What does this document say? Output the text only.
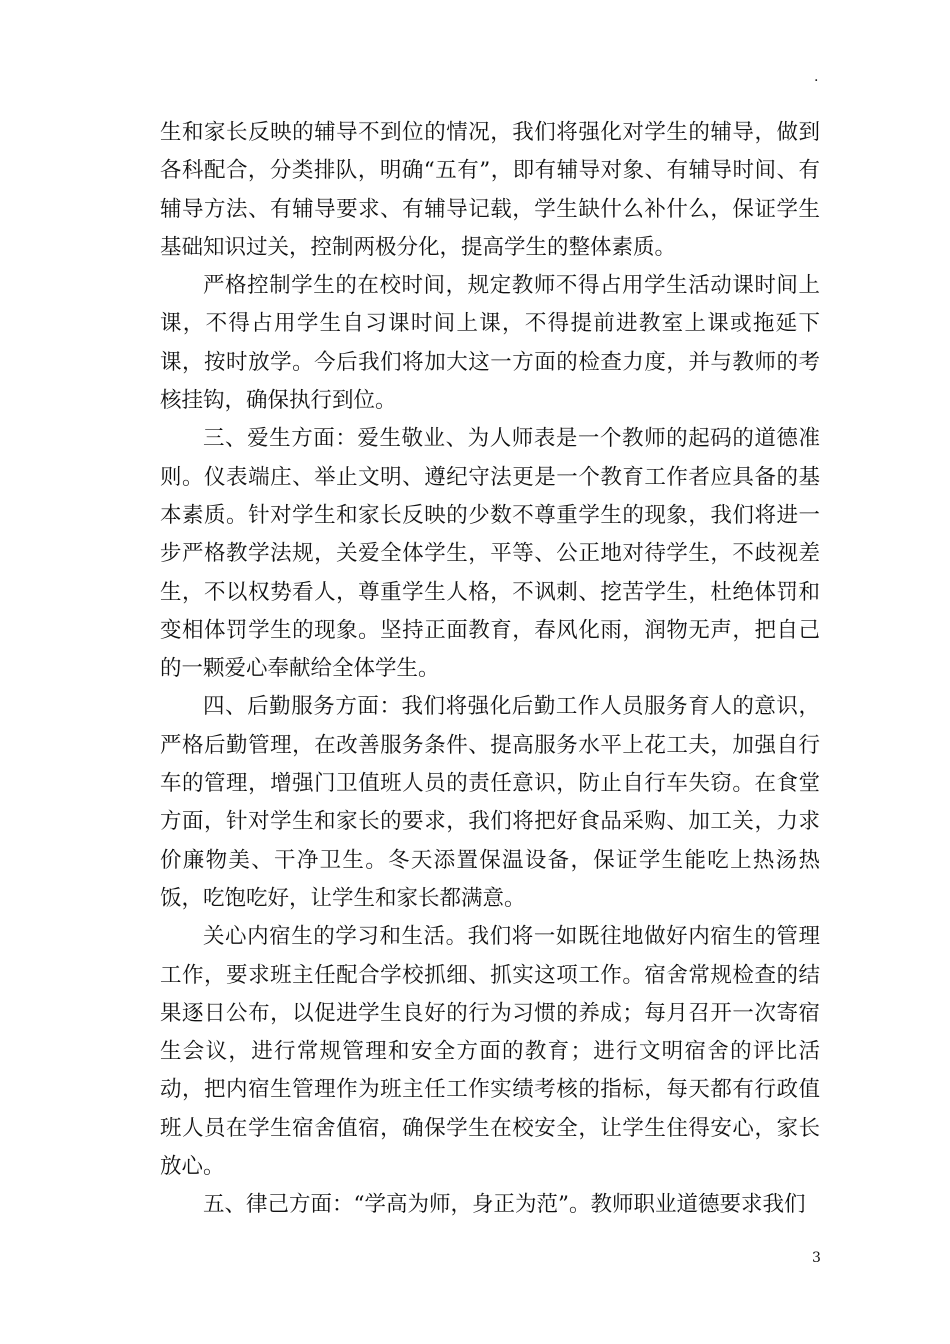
.

生和家长反映的辅导不到位的情况，我们将强化对学生的辅导，做到各科配合，分类排队，明确“五有”，即有辅导对象、有辅导时间、有辅导方法、有辅导要求、有辅导记载，学生缺什么补什么，保证学生基础知识过关，控制两极分化，提高学生的整体素质。

严格控制学生的在校时间，规定教师不得占用学生活动课时间上课，不得占用学生自习课时间上课，不得提前进教室上课或拖延下课，按时放学。今后我们将加大这一方面的检查力度，并与教师的考核挂钩，确保执行到位。

三、爱生方面：爱生敬业、为人师表是一个教师的起码的道德准则。仪表端庄、举止文明、遵纪守法更是一个教育工作者应具备的基本素质。针对学生和家长反映的少数不尊重学生的现象，我们将进一步严格教学法规，关爱全体学生，平等、公正地对待学生，不歧视差生，不以权势看人，尊重学生人格，不讽刺、挖苦学生，杜绝体罚和变相体罚学生的现象。坚持正面教育，春风化雨，润物无声，把自己的一颗爱心奉献给全体学生。

四、后勤服务方面：我们将强化后勤工作人员服务育人的意识，严格后勤管理，在改善服务条件、提高服务水平上花工夫，加强自行车的管理，增强门卫值班人员的责任意识，防止自行车失窃。在食堂方面，针对学生和家长的要求，我们将把好食品采购、加工关，力求价廉物美、干净卫生。冬天添置保温设备，保证学生能吃上热汤热饭，吃饱吃好，让学生和家长都满意。

关心内宿生的学习和生活。我们将一如既往地做好内宿生的管理工作，要求班主任配合学校抓细、抓实这项工作。宿舍常规检查的结果逐日公布，以促进学生良好的行为习惯的养成；每月召开一次寄宿生会议，进行常规管理和安全方面的教育；进行文明宿舍的评比活动，把内宿生管理作为班主任工作实绩考核的指标，每天都有行政值班人员在学生宿舍值宿，确保学生在校安全，让学生住得安心，家长放心。

五、律己方面：“学高为师，身正为范”。教师职业道德要求我们

3
